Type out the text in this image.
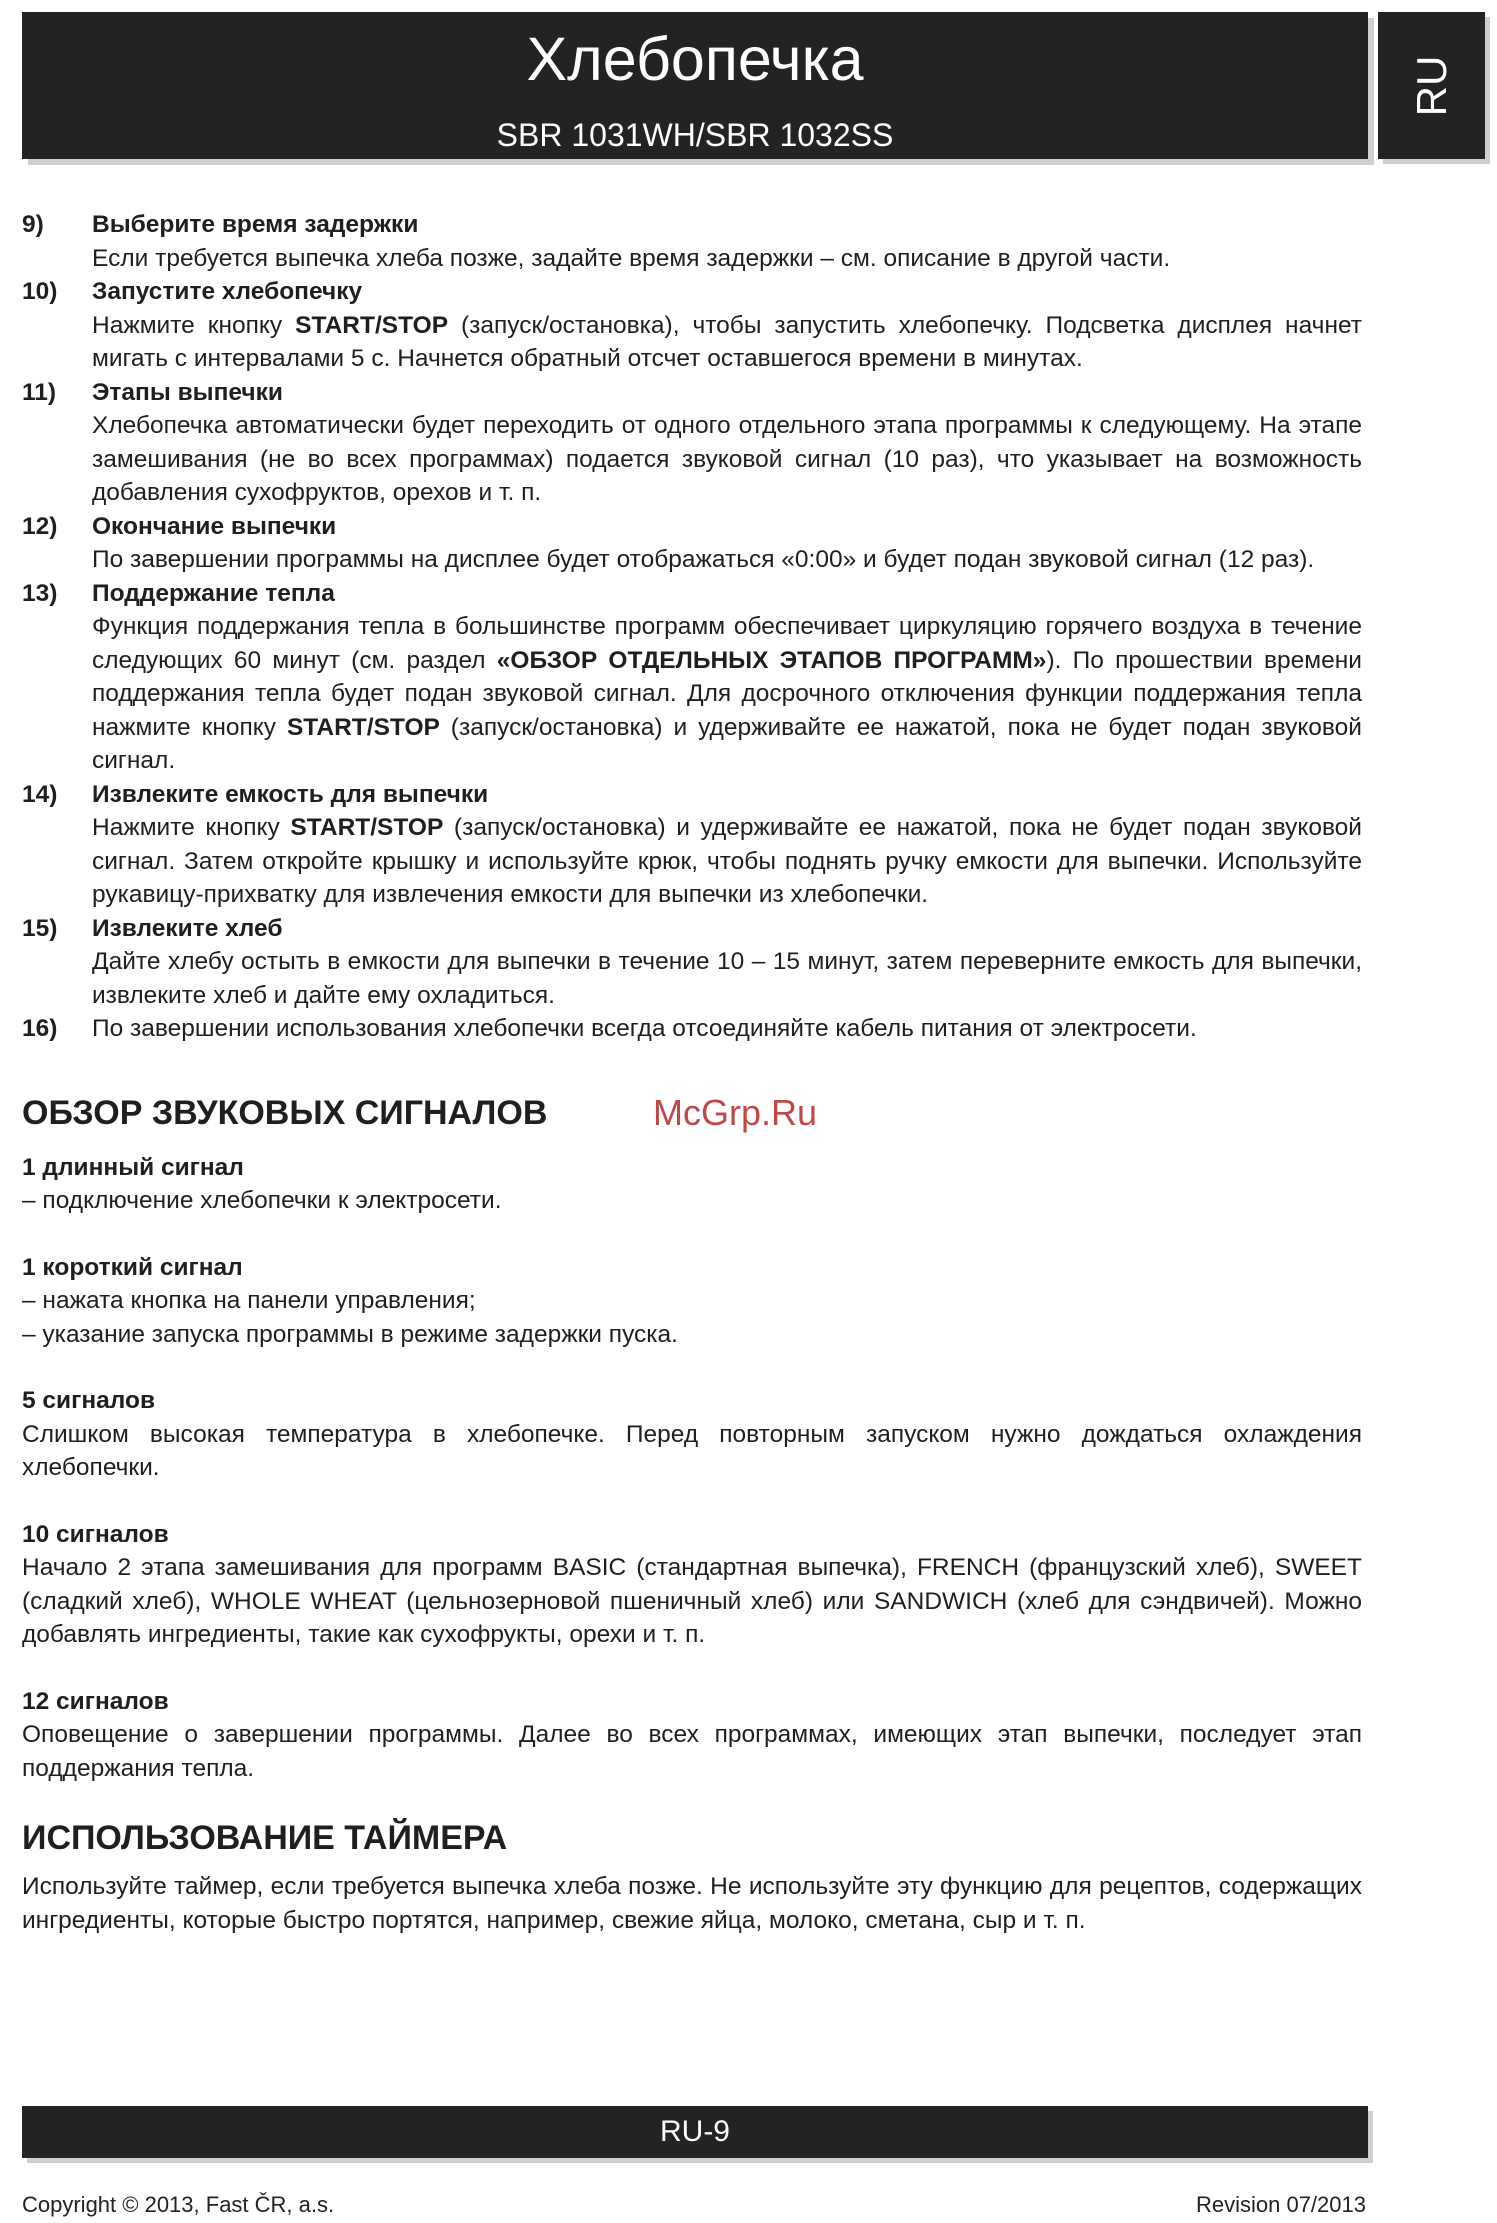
Хлебопечка
SBR 1031WH/SBR 1032SS
RU
9)	Выберите время задержки
Если требуется выпечка хлеба позже, задайте время задержки – см. описание в другой части.
10)	Запустите хлебопечку
Нажмите кнопку START/STOP (запуск/остановка), чтобы запустить хлебопечку. Подсветка дисплея начнет мигать с интервалами 5 с. Начнется обратный отсчет оставшегося времени в минутах.
11)	Этапы выпечки
Хлебопечка автоматически будет переходить от одного отдельного этапа программы к следующему. На этапе замешивания (не во всех программах) подается звуковой сигнал (10 раз), что указывает на возможность добавления сухофруктов, орехов и т. п.
12)	Окончание выпечки
По завершении программы на дисплее будет отображаться «0:00» и будет подан звуковой сигнал (12 раз).
13)	Поддержание тепла
Функция поддержания тепла в большинстве программ обеспечивает циркуляцию горячего воздуха в течение следующих 60 минут (см. раздел «ОБЗОР ОТДЕЛЬНЫХ ЭТАПОВ ПРОГРАММ»). По прошествии времени поддержания тепла будет подан звуковой сигнал. Для досрочного отключения функции поддержания тепла нажмите кнопку START/STOP (запуск/остановка) и удерживайте ее нажатой, пока не будет подан звуковой сигнал.
14)	Извлеките емкость для выпечки
Нажмите кнопку START/STOP (запуск/остановка) и удерживайте ее нажатой, пока не будет подан звуковой сигнал. Затем откройте крышку и используйте крюк, чтобы поднять ручку емкости для выпечки. Используйте рукавицу-прихватку для извлечения емкости для выпечки из хлебопечки.
15)	Извлеките хлеб
Дайте хлебу остыть в емкости для выпечки в течение 10 – 15 минут, затем переверните емкость для выпечки, извлеките хлеб и дайте ему охладиться.
16)	По завершении использования хлебопечки всегда отсоединяйте кабель питания от электросети.
ОБЗОР ЗВУКОВЫХ СИГНАЛОВ
1 длинный сигнал
– подключение хлебопечки к электросети.
1 короткий сигнал
– нажата кнопка на панели управления;
– указание запуска программы в режиме задержки пуска.
5 сигналов
Слишком высокая температура в хлебопечке. Перед повторным запуском нужно дождаться охлаждения хлебопечки.
10 сигналов
Начало 2 этапа замешивания для программ BASIC (стандартная выпечка), FRENCH (французский хлеб), SWEET (сладкий хлеб), WHOLE WHEAT (цельнозерновой пшеничный хлеб) или SANDWICH (хлеб для сэндвичей). Можно добавлять ингредиенты, такие как сухофрукты, орехи и т. п.
12 сигналов
Оповещение о завершении программы. Далее во всех программах, имеющих этап выпечки, последует этап поддержания тепла.
ИСПОЛЬЗОВАНИЕ ТАЙМЕРА
Используйте таймер, если требуется выпечка хлеба позже. Не используйте эту функцию для рецептов, содержащих ингредиенты, которые быстро портятся, например, свежие яйца, молоко, сметана, сыр и т. п.
McGrp.Ru
RU-9
Copyright © 2013, Fast ČR, a.s.	Revision 07/2013
